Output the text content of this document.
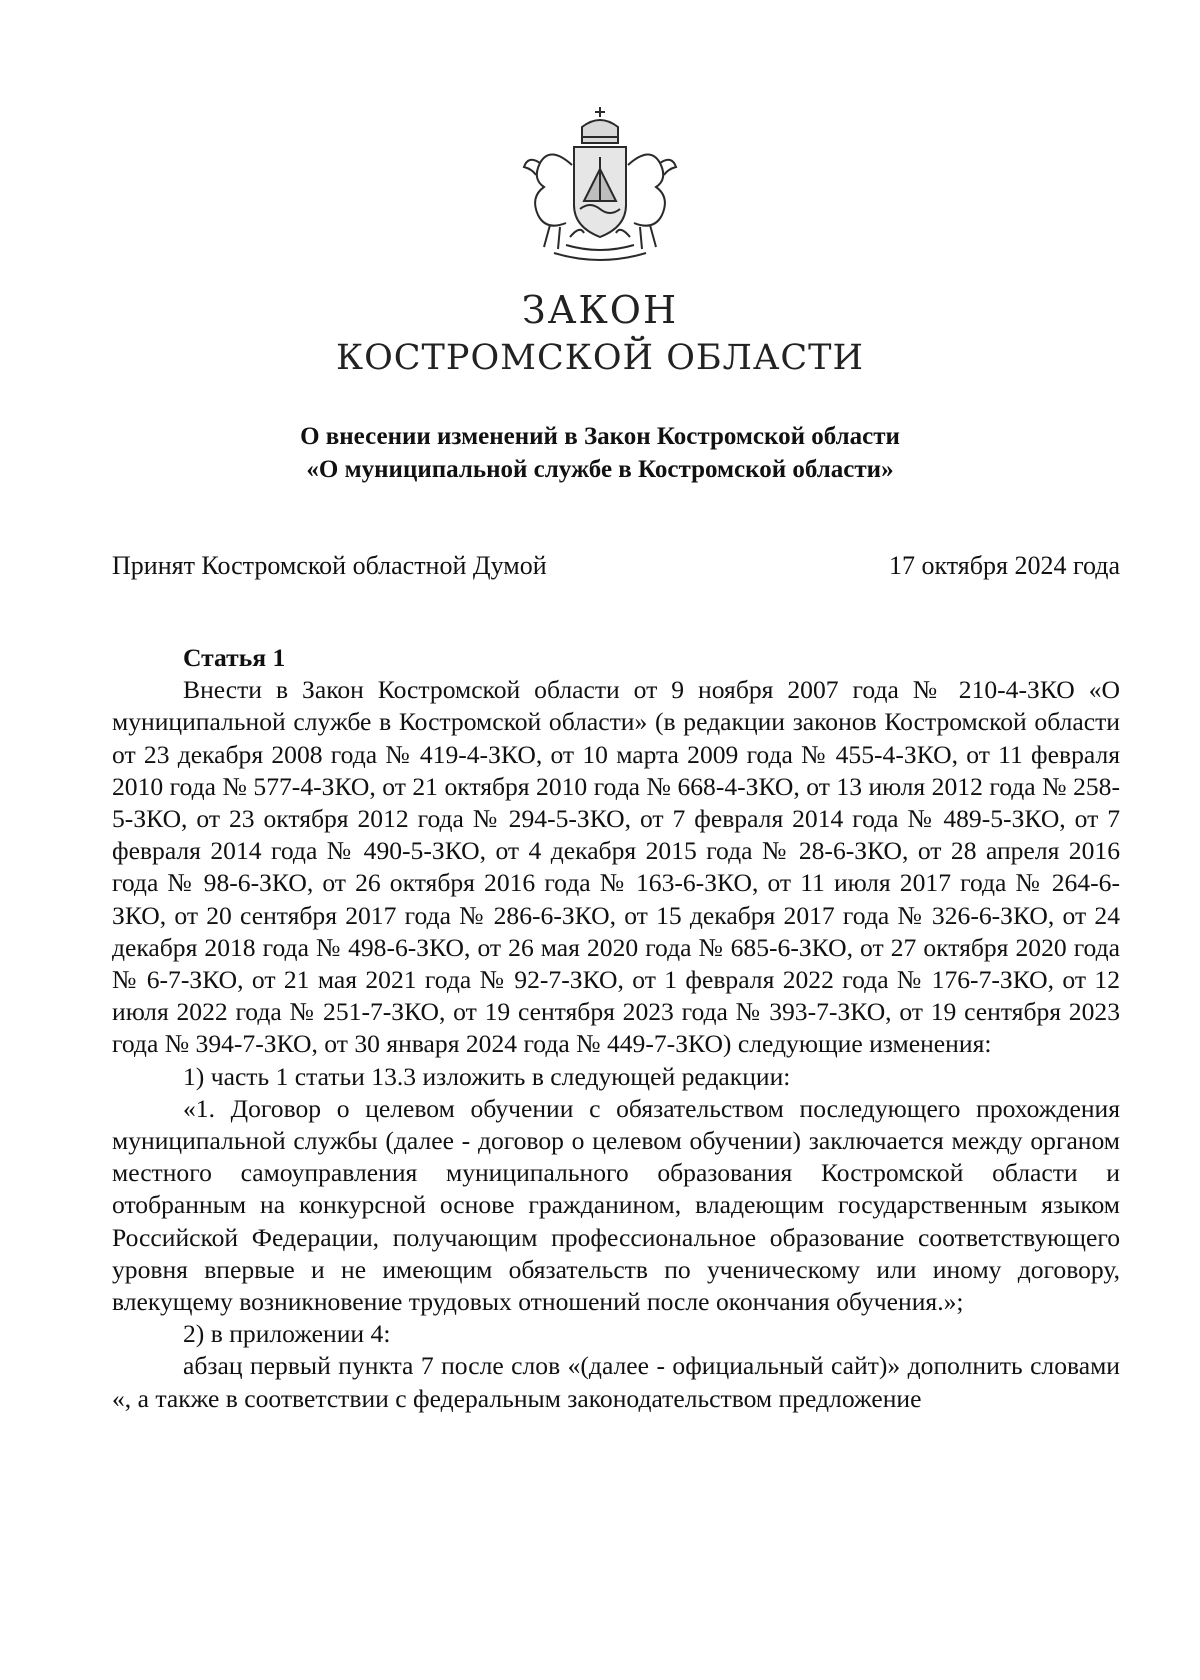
ЗАКОН
КОСТРОМСКОЙ ОБЛАСТИ
О внесении изменений в Закон Костромской области
«О муниципальной службе в Костромской области»
Принят Костромской областной Думой	17 октября 2024 года

Статья 1

Внести в Закон Костромской области от 9 ноября 2007 года № 210-4-ЗКО «О муниципальной службе в Костромской области» (в редакции законов Костромской области от 23 декабря 2008 года № 419-4-ЗКО, от 10 марта 2009 года № 455-4-ЗКО, от 11 февраля 2010 года № 577-4-ЗКО, от 21 октября 2010 года № 668-4-ЗКО, от 13 июля 2012 года № 258-5-ЗКО, от 23 октября 2012 года № 294-5-ЗКО, от 7 февраля 2014 года № 489-5-ЗКО, от 7 февраля 2014 года № 490-5-ЗКО, от 4 декабря 2015 года № 28-6-ЗКО, от 28 апреля 2016 года № 98-6-ЗКО, от 26 октября 2016 года № 163-6-ЗКО, от 11 июля 2017 года № 264-6-ЗКО, от 20 сентября 2017 года № 286-6-ЗКО, от 15 декабря 2017 года № 326-6-ЗКО, от 24 декабря 2018 года № 498-6-ЗКО, от 26 мая 2020 года № 685-6-ЗКО, от 27 октября 2020 года № 6-7-ЗКО, от 21 мая 2021 года № 92-7-ЗКО, от 1 февраля 2022 года № 176-7-ЗКО, от 12 июля 2022 года № 251-7-ЗКО, от 19 сентября 2023 года № 393-7-ЗКО, от 19 сентября 2023 года № 394-7-ЗКО, от 30 января 2024 года № 449-7-ЗКО) следующие изменения:

1) часть 1 статьи 13.3 изложить в следующей редакции:

«1. Договор о целевом обучении с обязательством последующего прохождения муниципальной службы (далее - договор о целевом обучении) заключается между органом местного самоуправления муниципального образования Костромской области и отобранным на конкурсной основе гражданином, владеющим государственным языком Российской Федерации, получающим профессиональное образование соответствующего уровня впервые и не имеющим обязательств по ученическому или иному договору, влекущему возникновение трудовых отношений после окончания обучения.»;

2) в приложении 4:

абзац первый пункта 7 после слов «(далее - официальный сайт)» дополнить словами «, а также в соответствии с федеральным законодательством предложение
